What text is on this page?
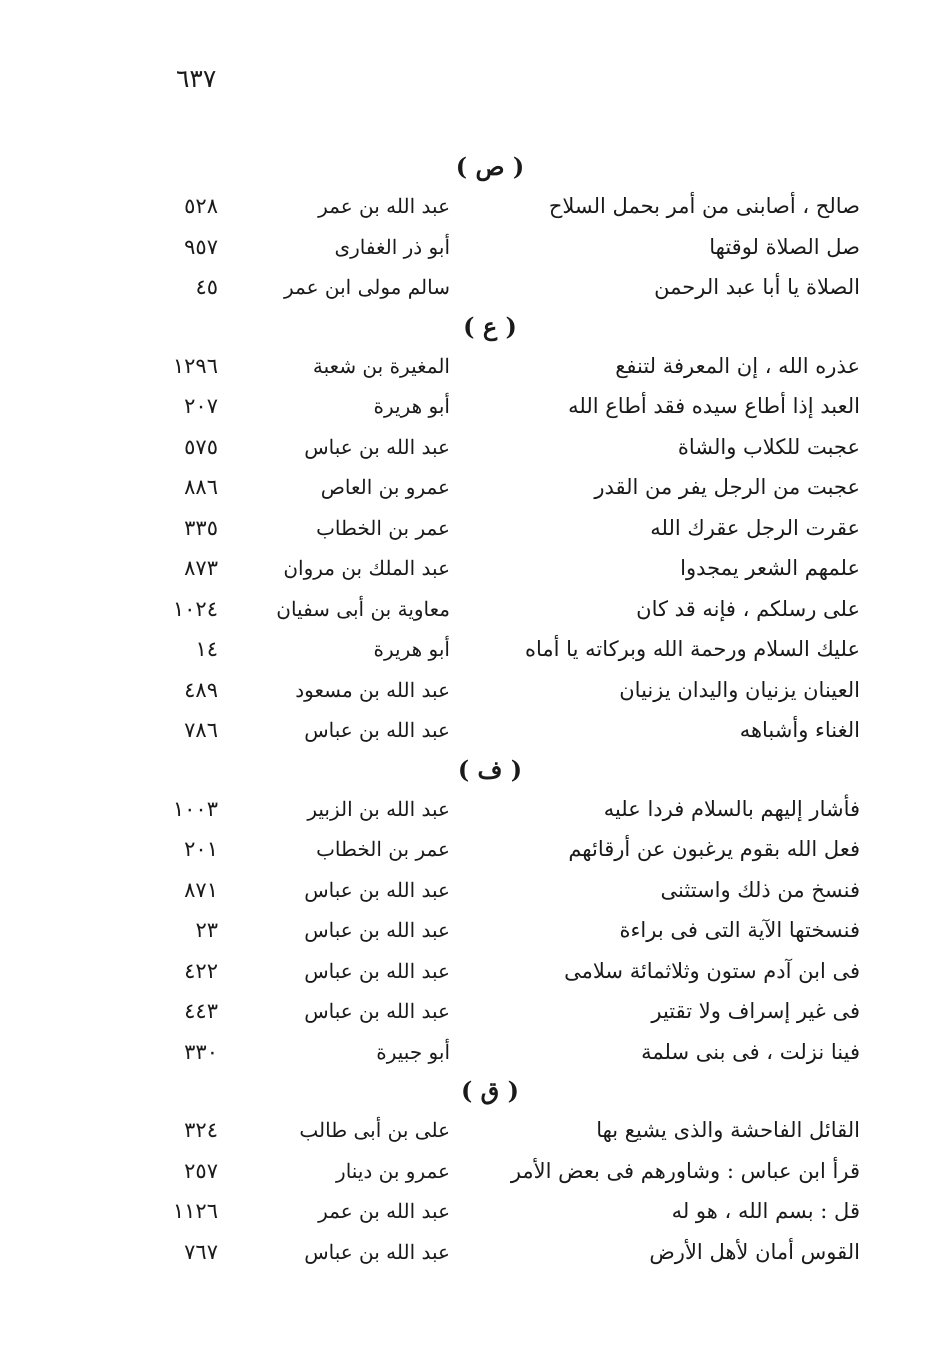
٦٣٧
( ص )
صالح ، أصابنى من أمر بحمل السلاح
عبد الله بن عمر
٥٢٨
صل الصلاة لوقتها
أبو ذر الغفارى
٩٥٧
الصلاة يا أبا عبد الرحمن
سالم مولى ابن عمر
٤٥
( ع )
عذره الله ، إن المعرفة لتنفع
المغيرة بن شعبة
١٢٩٦
العبد إذا أطاع سيده فقد أطاع الله
أبو هريرة
٢٠٧
عجبت للكلاب والشاة
عبد الله بن عباس
٥٧٥
عجبت من الرجل يفر من القدر
عمرو بن العاص
٨٨٦
عقرت الرجل عقرك الله
عمر بن الخطاب
٣٣٥
علمهم الشعر يمجدوا
عبد الملك بن مروان
٨٧٣
على رسلكم ، فإنه قد كان
معاوية بن أبى سفيان
١٠٢٤
عليك السلام ورحمة الله وبركاته يا أماه
أبو هريرة
١٤
العينان يزنيان واليدان يزنيان
عبد الله بن مسعود
٤٨٩
الغناء وأشباهه
عبد الله بن عباس
٧٨٦
( ف )
فأشار إليهم بالسلام فردا عليه
عبد الله بن الزبير
١٠٠٣
فعل الله بقوم يرغبون عن أرقائهم
عمر بن الخطاب
٢٠١
فنسخ من ذلك واستثنى
عبد الله بن عباس
٨٧١
فنسختها الآية التى فى براءة
عبد الله بن عباس
٢٣
فى ابن آدم ستون وثلاثمائة سلامى
عبد الله بن عباس
٤٢٢
فى غير إسراف ولا تقتير
عبد الله بن عباس
٤٤٣
فينا نزلت ، فى بنى سلمة
أبو جبيرة
٣٣٠
( ق )
القائل الفاحشة والذى يشيع بها
على بن أبى طالب
٣٢٤
قرأ ابن عباس : وشاورهم فى بعض الأمر
عمرو بن دينار
٢٥٧
قل : بسم الله ، هو له
عبد الله بن عمر
١١٢٦
القوس أمان لأهل الأرض
عبد الله بن عباس
٧٦٧
